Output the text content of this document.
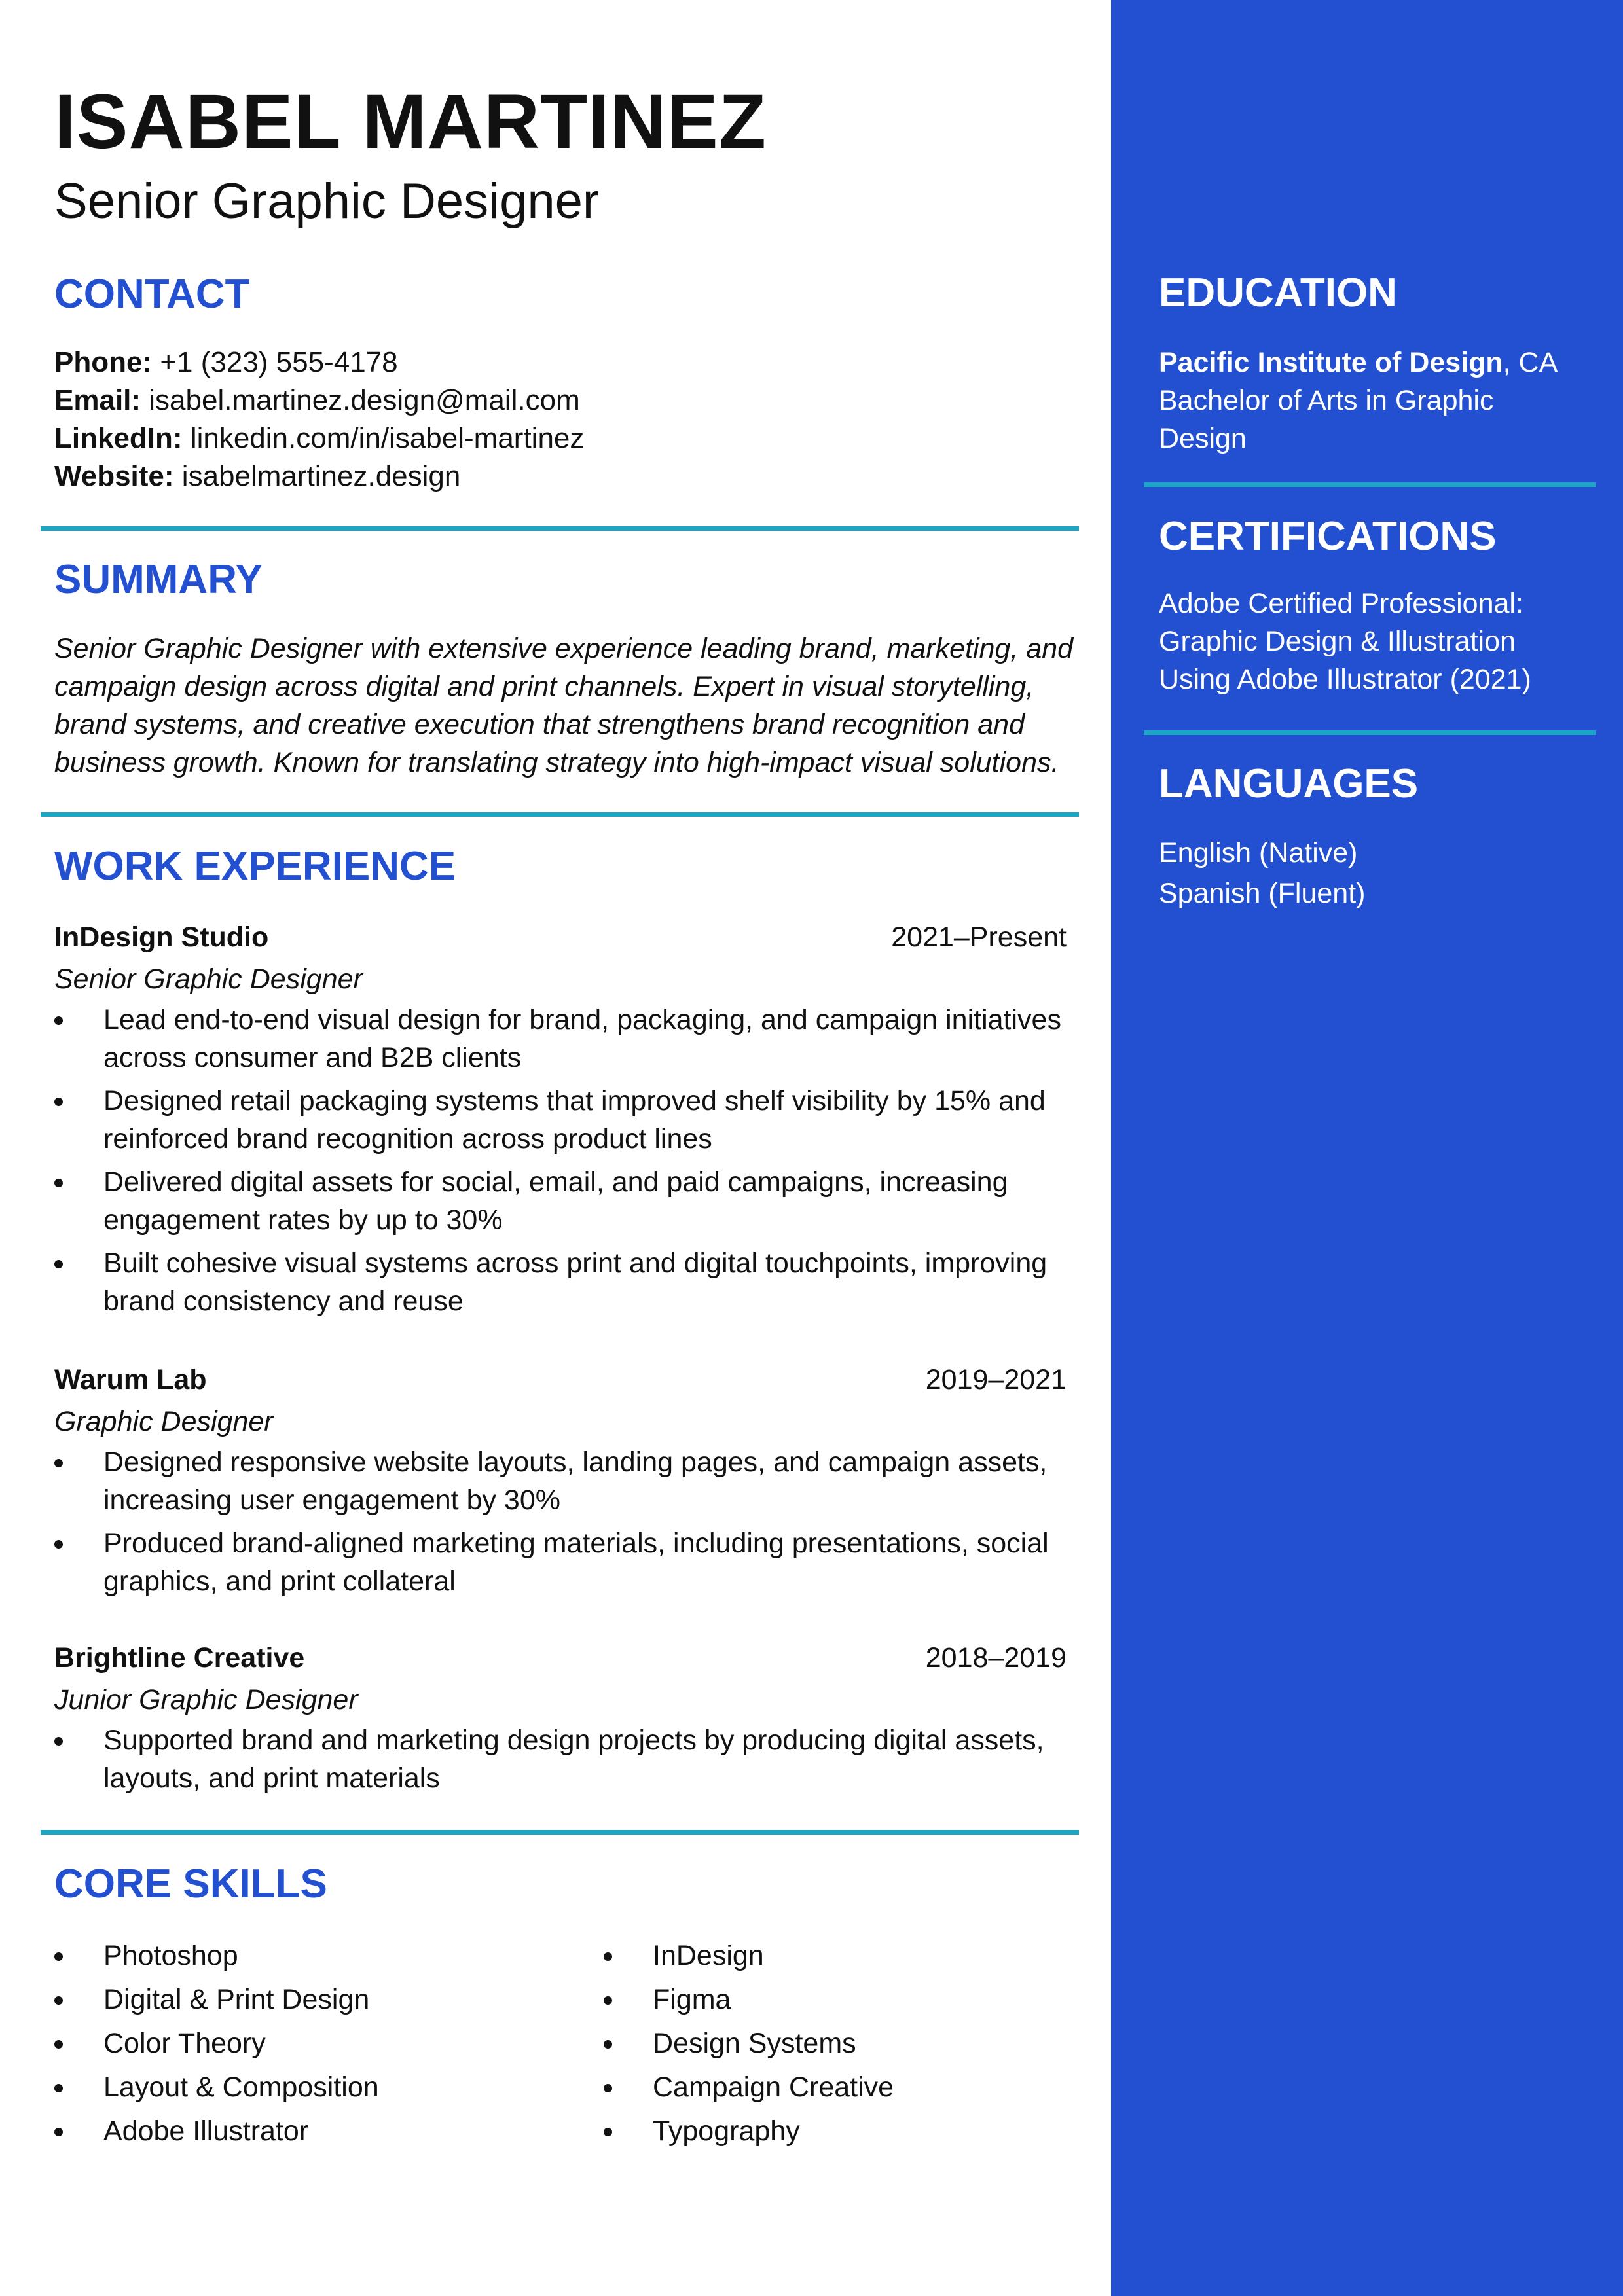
ISABEL MARTINEZ
Senior Graphic Designer
CONTACT
Phone: +1 (323) 555-4178
Email: isabel.martinez.design@mail.com
LinkedIn: linkedin.com/in/isabel-martinez
Website: isabelmartinez.design
SUMMARY

Senior Graphic Designer with extensive experience leading brand, marketing, and campaign design across digital and print channels. Expert in visual storytelling, brand systems, and creative execution that strengthens brand recognition and business growth. Known for translating strategy into high-impact visual solutions.

WORK EXPERIENCE
InDesign Studio	2021–Present
Senior Graphic Designer
Lead end-to-end visual design for brand, packaging, and campaign initiatives across consumer and B2B clients
Designed retail packaging systems that improved shelf visibility by 15% and reinforced brand recognition across product lines
Delivered digital assets for social, email, and paid campaigns, increasing engagement rates by up to 30%
Built cohesive visual systems across print and digital touchpoints, improving brand consistency and reuse
Warum Lab	2019–2021
Graphic Designer
Designed responsive website layouts, landing pages, and campaign assets, increasing user engagement by 30%
Produced brand-aligned marketing materials, including presentations, social graphics, and print collateral
Brightline Creative	2018–2019
Junior Graphic Designer
Supported brand and marketing design projects by producing digital assets, layouts, and print materials
CORE SKILLS
Photoshop
Digital & Print Design
Color Theory
Layout & Composition
Adobe Illustrator
InDesign
Figma
Design Systems
Campaign Creative
Typography
EDUCATION
Pacific Institute of Design, CA
Bachelor of Arts in Graphic Design
CERTIFICATIONS
Adobe Certified Professional: Graphic Design & Illustration Using Adobe Illustrator (2021)
LANGUAGES
English (Native)
Spanish (Fluent)
